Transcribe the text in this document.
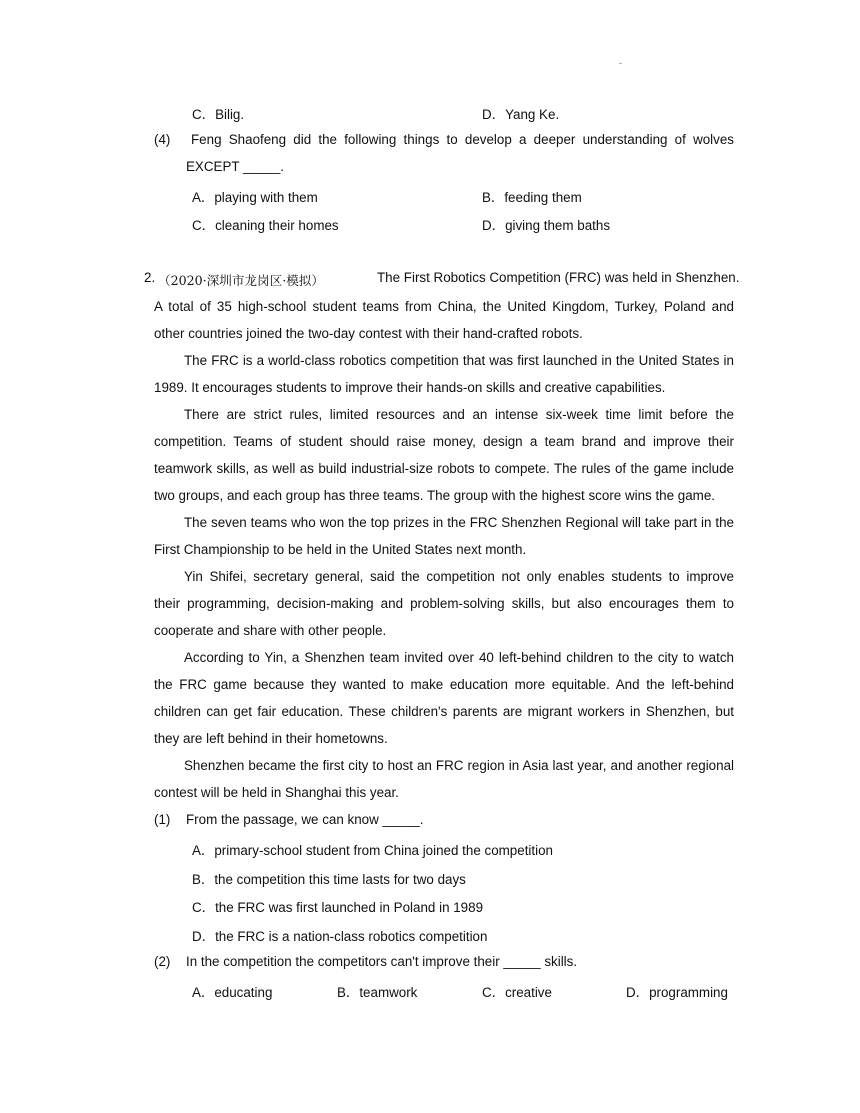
-
C．Bilig.	D．Yang Ke.
(4) Feng Shaofeng did the following things to develop a deeper understanding of wolves
EXCEPT _____.
A．playing with them	B．feeding them
C．cleaning their homes	D．giving them baths
2. （2020·深圳市龙岗区·模拟）	The First Robotics Competition (FRC) was held in Shenzhen.
A total of 35 high-school student teams from China, the United Kingdom, Turkey, Poland and
other countries joined the two-day contest with their hand-crafted robots.
The FRC is a world-class robotics competition that was first launched in the United States in
1989. It encourages students to improve their hands-on skills and creative capabilities.
There are strict rules, limited resources and an intense six-week time limit before the
competition. Teams of student should raise money, design a team brand and improve their
teamwork skills, as well as build industrial-size robots to compete. The rules of the game include
two groups, and each group has three teams. The group with the highest score wins the game.
The seven teams who won the top prizes in the FRC Shenzhen Regional will take part in the
First Championship to be held in the United States next month.
Yin Shifei, secretary general, said the competition not only enables students to improve
their programming, decision-making and problem-solving skills, but also encourages them to
cooperate and share with other people.
According to Yin, a Shenzhen team invited over 40 left-behind children to the city to watch
the FRC game because they wanted to make education more equitable. And the left-behind
children can get fair education. These children's parents are migrant workers in Shenzhen, but
they are left behind in their hometowns.
Shenzhen became the first city to host an FRC region in Asia last year, and another regional
contest will be held in Shanghai this year.
(1) From the passage, we can know _____.
A．primary-school student from China joined the competition
B．the competition this time lasts for two days
C．the FRC was first launched in Poland in 1989
D．the FRC is a nation-class robotics competition
(2) In the competition the competitors can't improve their _____ skills.
A．educating	B．teamwork	C．creative	D．programming
